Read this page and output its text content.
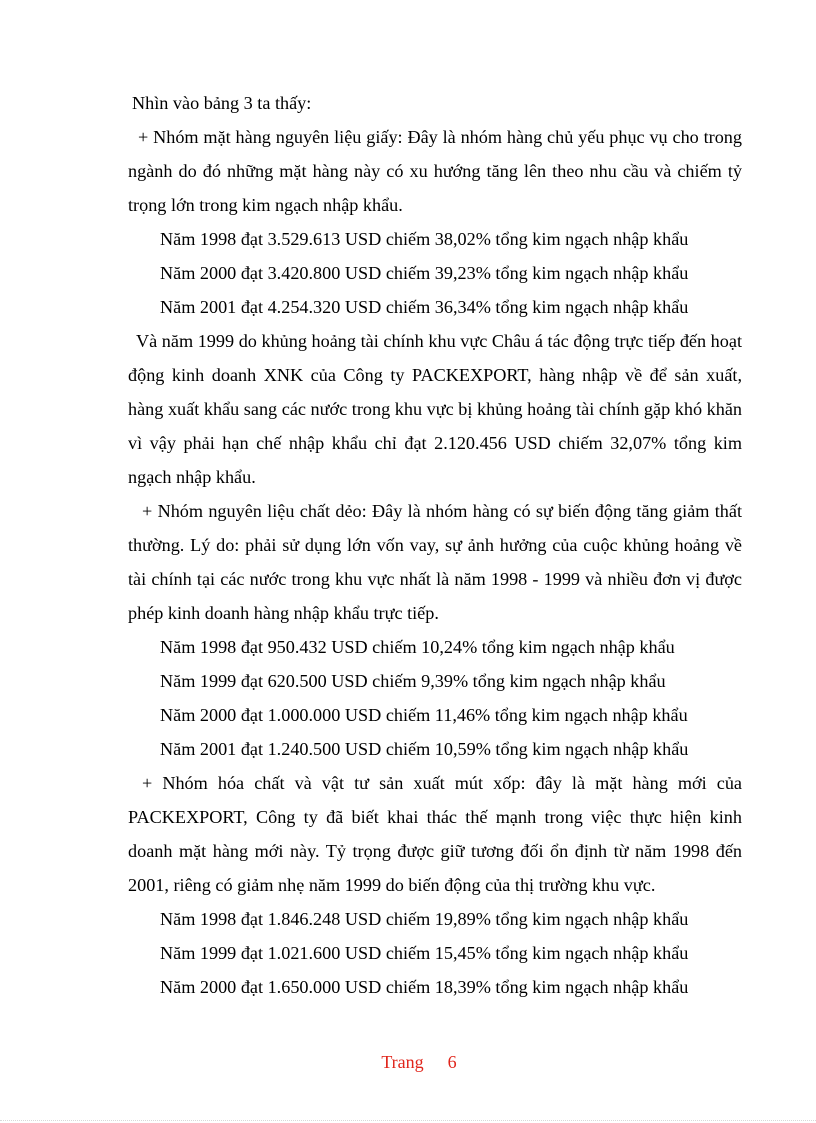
Nhìn vào bảng 3 ta thấy:

+ Nhóm mặt hàng nguyên liệu giấy: Đây là nhóm hàng chủ yếu phục vụ cho trong ngành do đó những mặt hàng này có xu hướng tăng lên theo nhu cầu và chiếm tỷ trọng lớn trong kim ngạch nhập khẩu.

Năm 1998 đạt 3.529.613 USD chiếm 38,02% tổng kim ngạch nhập khẩu

Năm 2000 đạt 3.420.800 USD chiếm 39,23% tổng kim ngạch nhập khẩu

Năm 2001 đạt 4.254.320 USD chiếm 36,34% tổng kim ngạch nhập khẩu

Và năm 1999 do khủng hoảng tài chính khu vực Châu á tác động trực tiếp đến hoạt động kinh doanh XNK của Công ty PACKEXPORT, hàng nhập về để sản xuất, hàng xuất khẩu sang các nước trong khu vực bị khủng hoảng tài chính gặp khó khăn vì vậy phải hạn chế nhập khẩu chỉ đạt 2.120.456 USD chiếm 32,07% tổng kim ngạch nhập khẩu.

+ Nhóm nguyên liệu chất dẻo: Đây là nhóm hàng có sự biến động tăng giảm thất thường. Lý do: phải sử dụng lớn vốn vay, sự ảnh hưởng của cuộc khủng hoảng về tài chính tại các nước trong khu vực nhất là năm 1998 - 1999 và nhiều đơn vị được phép kinh doanh hàng nhập khẩu trực tiếp.

Năm 1998 đạt 950.432 USD chiếm 10,24% tổng kim ngạch nhập khẩu

Năm 1999 đạt 620.500 USD chiếm 9,39% tổng kim ngạch nhập khẩu

Năm 2000 đạt 1.000.000 USD chiếm 11,46% tổng kim ngạch nhập khẩu

Năm 2001 đạt 1.240.500 USD chiếm 10,59% tổng kim ngạch nhập khẩu

+ Nhóm hóa chất và vật tư sản xuất mút xốp: đây là mặt hàng mới của PACKEXPORT, Công ty đã biết khai thác thế mạnh trong việc thực hiện kinh doanh mặt hàng mới này. Tỷ trọng được giữ tương đối ổn định từ năm 1998 đến 2001, riêng có giảm nhẹ năm 1999 do biến động của thị trường khu vực.

Năm 1998 đạt 1.846.248 USD chiếm 19,89% tổng kim ngạch nhập khẩu

Năm 1999 đạt 1.021.600 USD chiếm 15,45% tổng kim ngạch nhập khẩu

Năm 2000 đạt 1.650.000 USD chiếm 18,39% tổng kim ngạch nhập khẩu

Trang 6
